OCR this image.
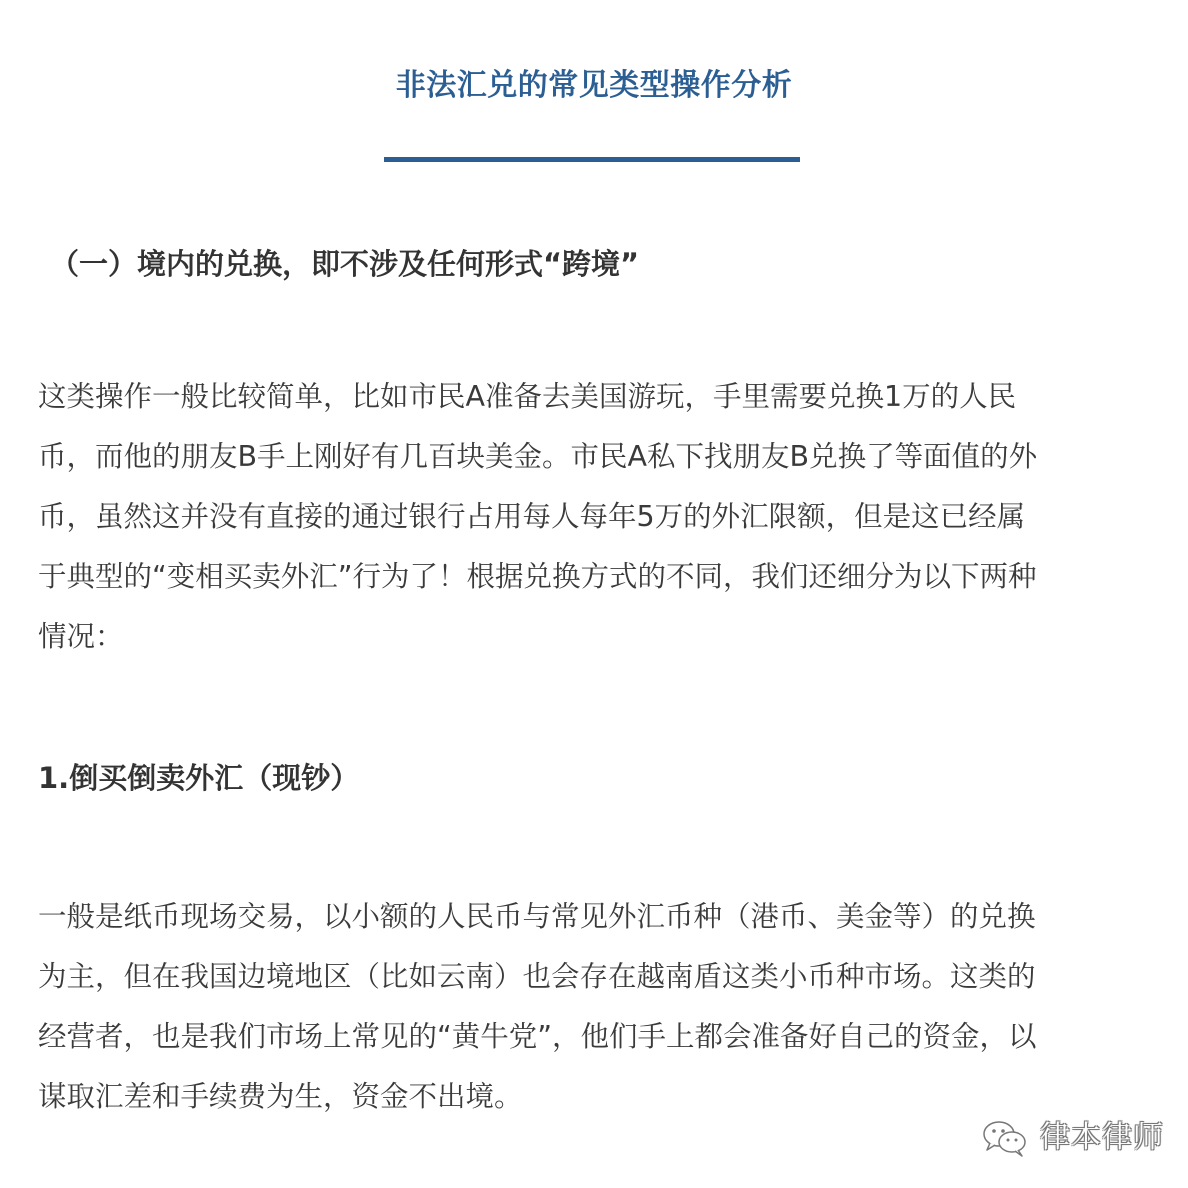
非法汇兑的常见类型操作分析
（一）境内的兑换，即不涉及任何形式“跨境”
这类操作一般比较简单，比如市民A准备去美国游玩，手里需要兑换1万的人民
币，而他的朋友B手上刚好有几百块美金。市民A私下找朋友B兑换了等面值的外
币，虽然这并没有直接的通过银行占用每人每年5万的外汇限额，但是这已经属
于典型的“变相买卖外汇”行为了！根据兑换方式的不同，我们还细分为以下两种
情况：
1.倒买倒卖外汇（现钞）
一般是纸币现场交易，以小额的人民币与常见外汇币种（港币、美金等）的兑换
为主，但在我国边境地区（比如云南）也会存在越南盾这类小币种市场。这类的
经营者，也是我们市场上常见的“黄牛党”，他们手上都会准备好自己的资金，以
谋取汇差和手续费为生，资金不出境。
律本律师
